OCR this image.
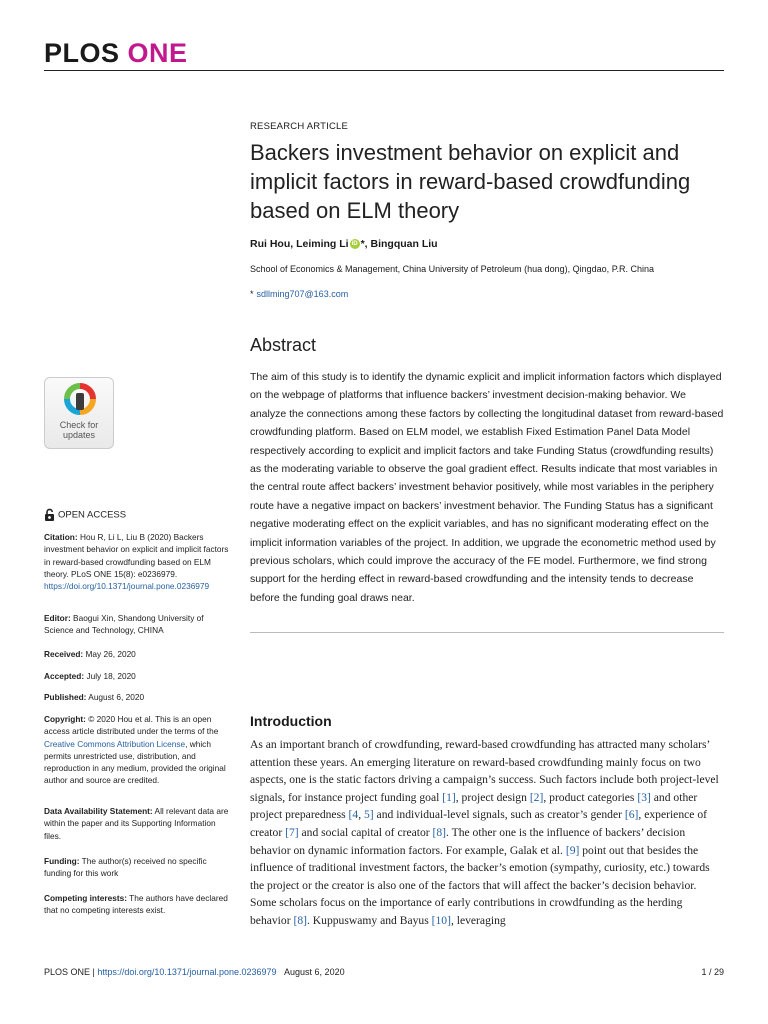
PLOS ONE
RESEARCH ARTICLE
Backers investment behavior on explicit and implicit factors in reward-based crowdfunding based on ELM theory
Rui Hou, Leiming Li iD *, Bingquan Liu
School of Economics & Management, China University of Petroleum (hua dong), Qingdao, P.R. China
* sdllming707@163.com
Abstract
The aim of this study is to identify the dynamic explicit and implicit information factors which displayed on the webpage of platforms that influence backers’ investment decision-making behavior. We analyze the connections among these factors by collecting the longitudinal dataset from reward-based crowdfunding platform. Based on ELM model, we establish Fixed Estimation Panel Data Model respectively according to explicit and implicit factors and take Funding Status (crowdfunding results) as the moderating variable to observe the goal gradient effect. Results indicate that most variables in the central route affect backers’ investment behavior positively, while most variables in the periphery route have a negative impact on backers’ investment behavior. The Funding Status has a significant negative moderating effect on the explicit variables, and has no significant moderating effect on the implicit information variables of the project. In addition, we upgrade the econometric method used by previous scholars, which could improve the accuracy of the FE model. Furthermore, we find strong support for the herding effect in reward-based crowdfunding and the intensity tends to decrease before the funding goal draws near.
Check for
updates
OPEN ACCESS
Citation: Hou R, Li L, Liu B (2020) Backers investment behavior on explicit and implicit factors in reward-based crowdfunding based on ELM theory. PLoS ONE 15(8): e0236979. https://doi.org/10.1371/journal.pone.0236979
Editor: Baogui Xin, Shandong University of Science and Technology, CHINA
Received: May 26, 2020
Accepted: July 18, 2020
Published: August 6, 2020
Copyright: © 2020 Hou et al. This is an open access article distributed under the terms of the Creative Commons Attribution License, which permits unrestricted use, distribution, and reproduction in any medium, provided the original author and source are credited.
Data Availability Statement: All relevant data are within the paper and its Supporting Information files.
Funding: The author(s) received no specific funding for this work
Competing interests: The authors have declared that no competing interests exist.
Introduction
As an important branch of crowdfunding, reward-based crowdfunding has attracted many scholars’ attention these years. An emerging literature on reward-based crowdfunding mainly focus on two aspects, one is the static factors driving a campaign’s success. Such factors include both project-level signals, for instance project funding goal [1], project design [2], product categories [3] and other project preparedness [4, 5] and individual-level signals, such as creator’s gender [6], experience of creator [7] and social capital of creator [8]. The other one is the influence of backers’ decision behavior on dynamic information factors. For example, Galak et al. [9] point out that besides the influence of traditional investment factors, the backer’s emotion (sympathy, curiosity, etc.) towards the project or the creator is also one of the factors that will affect the backer’s decision behavior. Some scholars focus on the importance of early contributions in crowdfunding as the herding behavior [8]. Kuppuswamy and Bayus [10], leveraging
PLOS ONE | https://doi.org/10.1371/journal.pone.0236979 August 6, 2020	1 / 29
